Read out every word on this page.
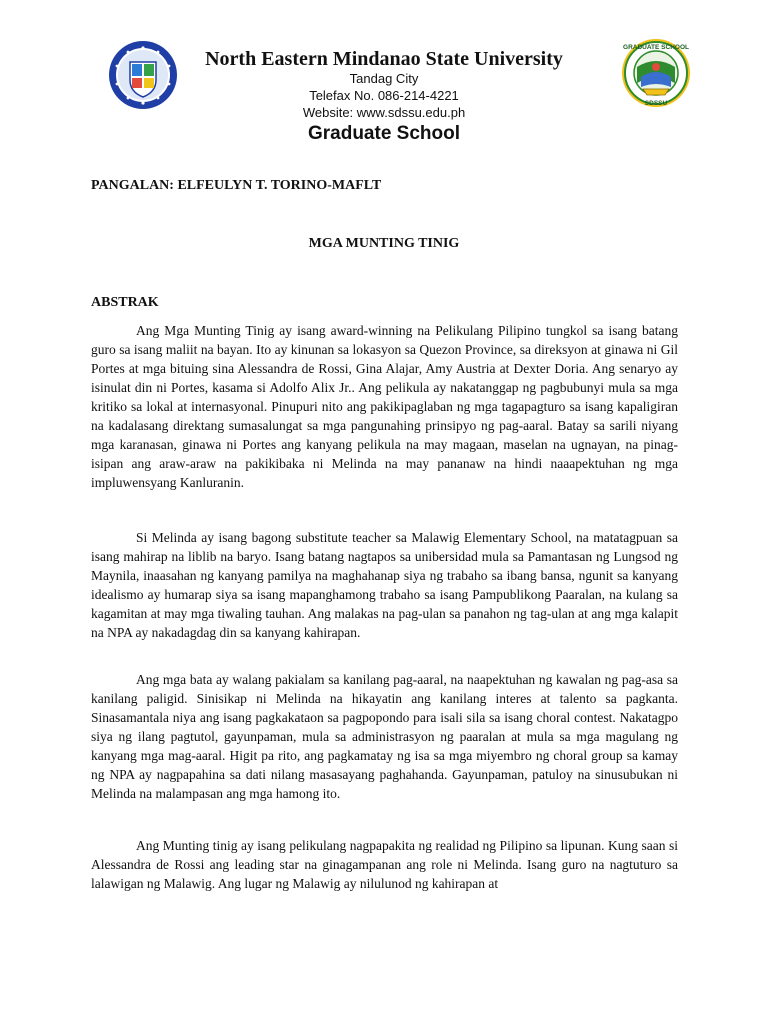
GRADUATE SCHOOL
SDSSU

North Eastern Mindanao State University

Tandag City

Telefax No. 086-214-4221

Website: www.sdssu.edu.ph

Graduate School

PANGALAN: ELFEULYN T. TORINO-MAFLT

MGA MUNTING TINIG

ABSTRAK

Ang Mga Munting Tinig ay isang award-winning na Pelikulang Pilipino tungkol sa isang batang guro sa isang maliit na bayan. Ito ay kinunan sa lokasyon sa Quezon Province, sa direksyon at ginawa ni Gil Portes at mga bituing sina Alessandra de Rossi, Gina Alajar, Amy Austria at Dexter Doria. Ang senaryo ay isinulat din ni Portes, kasama si Adolfo Alix Jr.. Ang pelikula ay nakatanggap ng pagbubunyi mula sa mga kritiko sa lokal at internasyonal. Pinupuri nito ang pakikipaglaban ng mga tagapagturo sa isang kapaligiran na kadalasang direktang sumasalungat sa mga pangunahing prinsipyo ng pag-aaral. Batay sa sarili niyang mga karanasan, ginawa ni Portes ang kanyang pelikula na may magaan, maselan na ugnayan, na pinag-isipan ang araw-araw na pakikibaka ni Melinda na may pananaw na hindi naaapektuhan ng mga impluwensyang Kanluranin.

Si Melinda ay isang bagong substitute teacher sa Malawig Elementary School, na matatagpuan sa isang mahirap na liblib na baryo. Isang batang nagtapos sa unibersidad mula sa Pamantasan ng Lungsod ng Maynila, inaasahan ng kanyang pamilya na maghahanap siya ng trabaho sa ibang bansa, ngunit sa kanyang idealismo ay humarap siya sa isang mapanghamong trabaho sa isang Pampublikong Paaralan, na kulang sa kagamitan at may mga tiwaling tauhan. Ang malakas na pag-ulan sa panahon ng tag-ulan at ang mga kalapit na NPA ay nakadagdag din sa kanyang kahirapan.

Ang mga bata ay walang pakialam sa kanilang pag-aaral, na naapektuhan ng kawalan ng pag-asa sa kanilang paligid. Sinisikap ni Melinda na hikayatin ang kanilang interes at talento sa pagkanta. Sinasamantala niya ang isang pagkakataon sa pagpopondo para isali sila sa isang choral contest. Nakatagpo siya ng ilang pagtutol, gayunpaman, mula sa administrasyon ng paaralan at mula sa mga magulang ng kanyang mga mag-aaral. Higit pa rito, ang pagkamatay ng isa sa mga miyembro ng choral group sa kamay ng NPA ay nagpapahina sa dati nilang masasayang paghahanda. Gayunpaman, patuloy na sinusubukan ni Melinda na malampasan ang mga hamong ito.

Ang Munting tinig ay isang pelikulang nagpapakita ng realidad ng Pilipino sa lipunan. Kung saan si Alessandra de Rossi ang leading star na ginagampanan ang role ni Melinda. Isang guro na nagtuturo sa lalawigan ng Malawig. Ang lugar ng Malawig ay nilulunod ng kahirapan at
